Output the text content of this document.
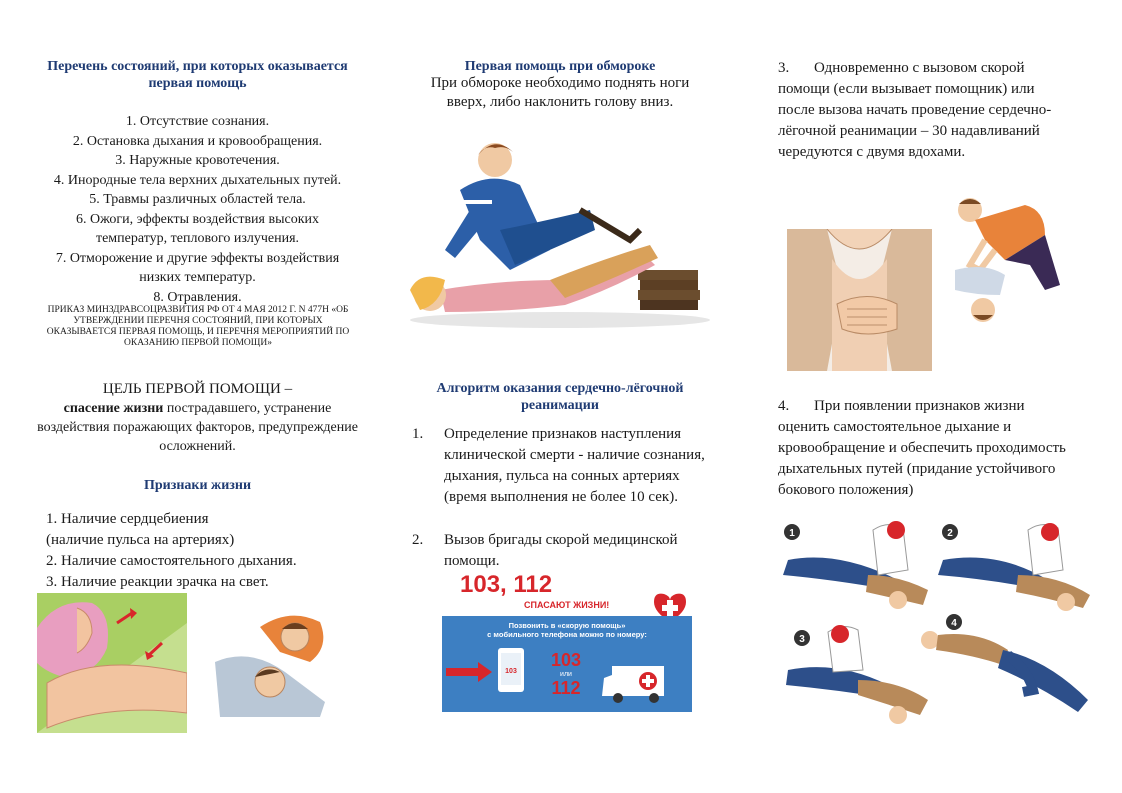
Перечень состояний, при которых оказывается первая помощь
1. Отсутствие сознания.
2. Остановка дыхания и кровообращения.
3. Наружные кровотечения.
4. Инородные тела верхних дыхательных путей.
5. Травмы различных областей тела.
6. Ожоги, эффекты воздействия высоких температур, теплового излучения.
7. Отморожение и другие эффекты воздействия низких температур.
8. Отравления.
ПРИКАЗ МИНЗДРАВСОЦРАЗВИТИЯ РФ ОТ 4 МАЯ 2012 Г. N 477Н «ОБ УТВЕРЖДЕНИИ ПЕРЕЧНЯ СОСТОЯНИЙ, ПРИ КОТОРЫХ ОКАЗЫВАЕТСЯ ПЕРВАЯ ПОМОЩЬ, И ПЕРЕЧНЯ МЕРОПРИЯТИЙ ПО ОКАЗАНИЮ ПЕРВОЙ ПОМОЩИ»
ЦЕЛЬ ПЕРВОЙ ПОМОЩИ –
спасение жизни пострадавшего, устранение воздействия поражающих факторов, предупреждение осложнений.
Признаки жизни
1. Наличие сердцебиения
(наличие пульса на артериях)
2. Наличие самостоятельного дыхания.
3. Наличие реакции зрачка на свет.
Первая помощь при обмороке
При обмороке необходимо поднять ноги вверх, либо наклонить голову вниз.
Алгоритм оказания сердечно-лёгочной реанимации
1. Определение признаков наступления клинической смерти - наличие сознания, дыхания, пульса на сонных артериях (время выполнения не более 10 сек).
2. Вызов бригады скорой медицинской помощи.
103, 112
СПАСАЮТ ЖИЗНИ!
Позвонить в «скорую помощь»
с мобильного телефона можно по номеру:
103
103
или
112
3.	Одновременно с вызовом скорой помощи (если вызывает помощник) или после вызова начать проведение сердечно-лёгочной реанимации – 30 надавливаний чередуются с двумя вдохами.
4.	При появлении признаков жизни оценить самостоятельное дыхание и кровообращение и обеспечить проходимость дыхательных путей (придание устойчивого бокового положения)
1	2
3
4
